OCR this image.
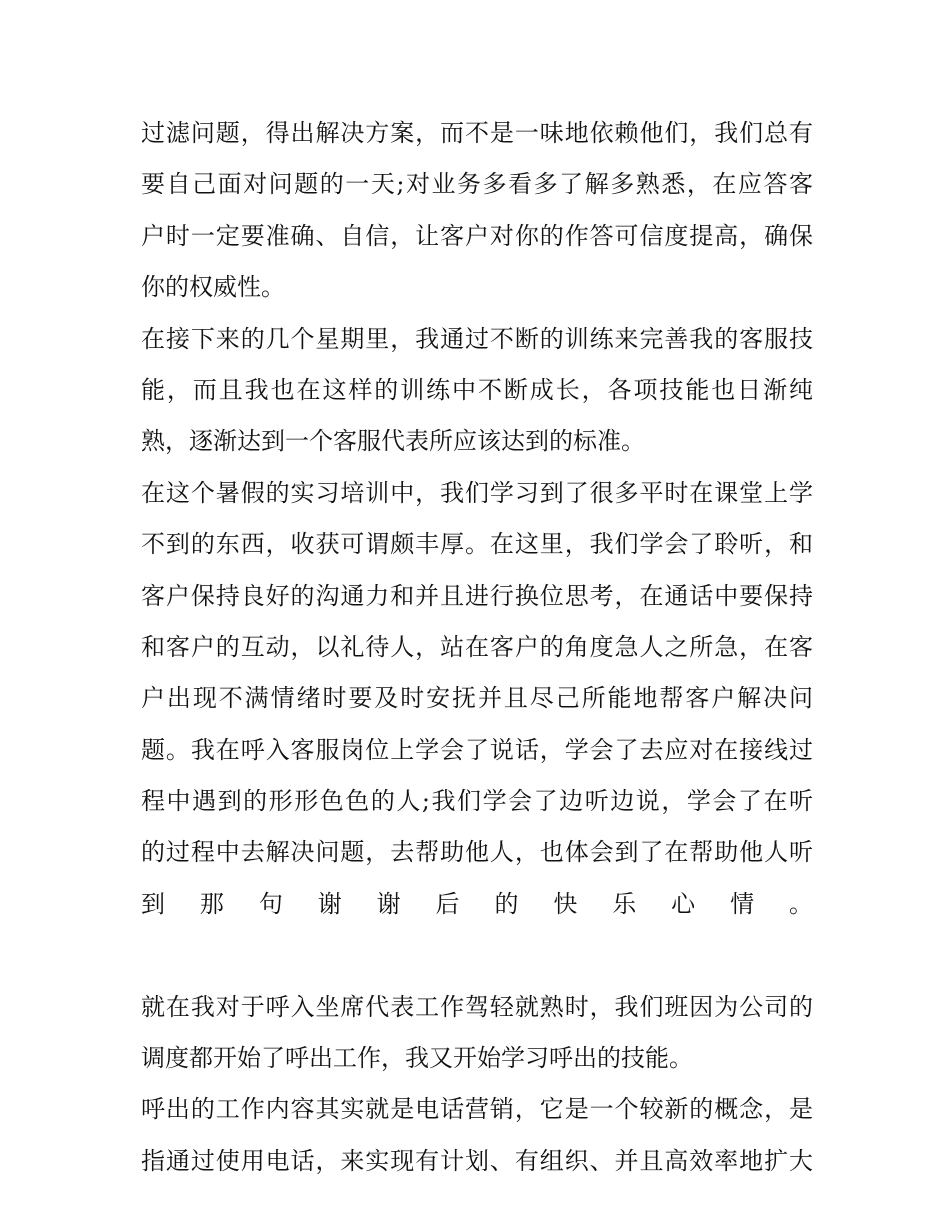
过滤问题，得出解决方案，而不是一味地依赖他们，我们总有
要自己面对问题的一天;对业务多看多了解多熟悉，在应答客
户时一定要准确、自信，让客户对你的作答可信度提高，确保
你的权威性。
在接下来的几个星期里，我通过不断的训练来完善我的客服技
能，而且我也在这样的训练中不断成长，各项技能也日渐纯
熟，逐渐达到一个客服代表所应该达到的标准。
在这个暑假的实习培训中，我们学习到了很多平时在课堂上学
不到的东西，收获可谓颇丰厚。在这里，我们学会了聆听，和
客户保持良好的沟通力和并且进行换位思考，在通话中要保持
和客户的互动，以礼待人，站在客户的角度急人之所急，在客
户出现不满情绪时要及时安抚并且尽己所能地帮客户解决问
题。我在呼入客服岗位上学会了说话，学会了去应对在接线过
程中遇到的形形色色的人;我们学会了边听边说，学会了在听
的过程中去解决问题，去帮助他人，也体会到了在帮助他人听
到那句谢谢后的快乐心情。
就在我对于呼入坐席代表工作驾轻就熟时，我们班因为公司的
调度都开始了呼出工作，我又开始学习呼出的技能。
呼出的工作内容其实就是电话营销，它是一个较新的概念，是
指通过使用电话，来实现有计划、有组织、并且高效率地扩大
